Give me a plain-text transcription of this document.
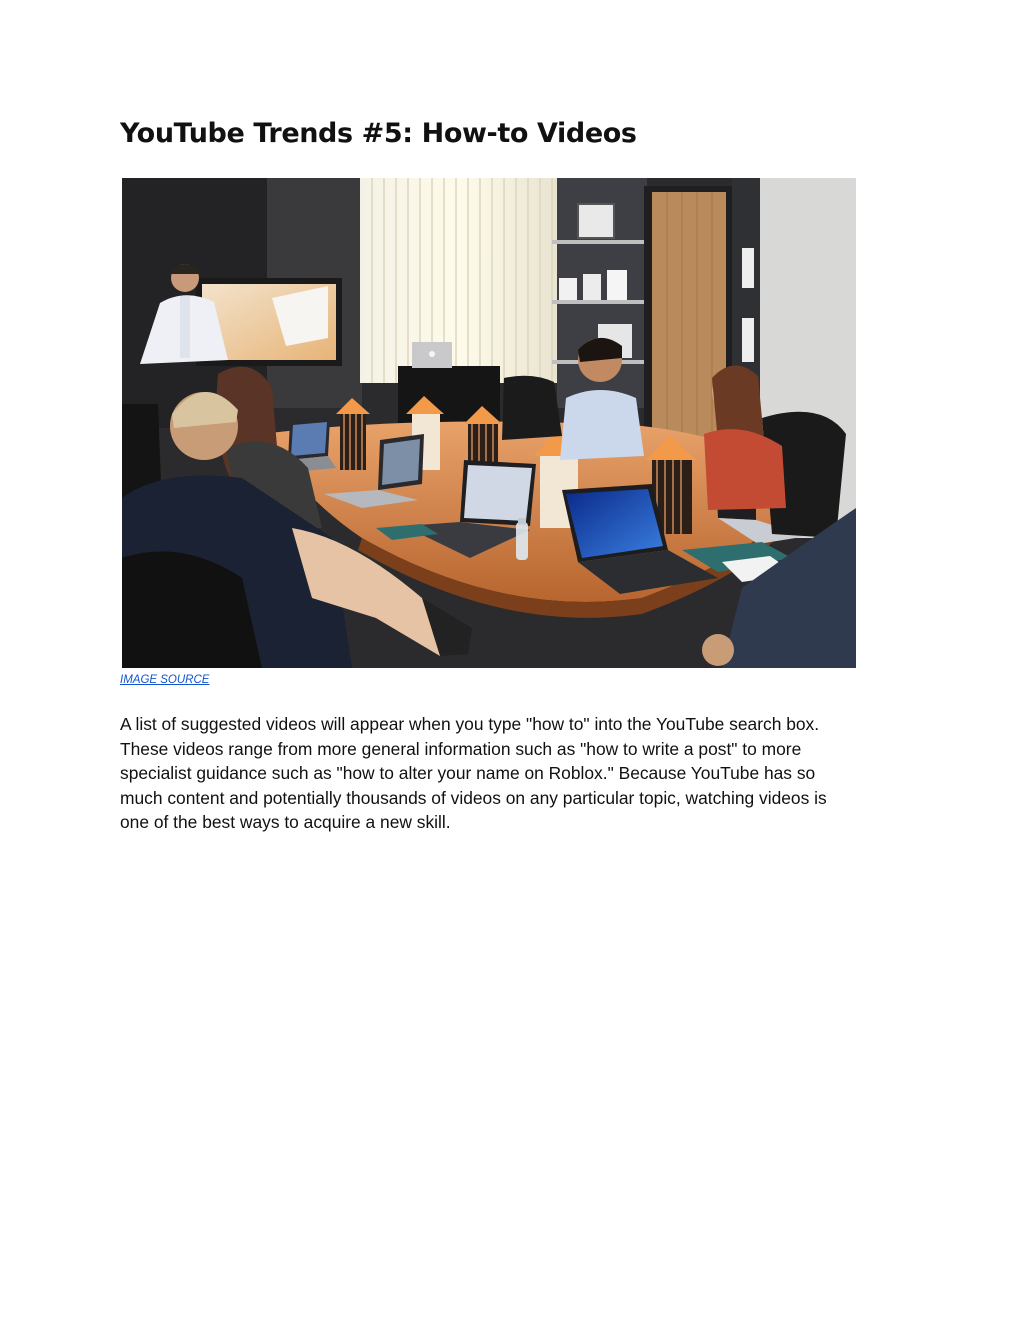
YouTube Trends #5: How-to Videos
IMAGE SOURCE

A list of suggested videos will appear when you type "how to" into the YouTube search box.
These videos range from more general information such as "how to write a post" to more
specialist guidance such as "how to alter your name on Roblox." Because YouTube has so
much content and potentially thousands of videos on any particular topic, watching videos is
one of the best ways to acquire a new skill.
